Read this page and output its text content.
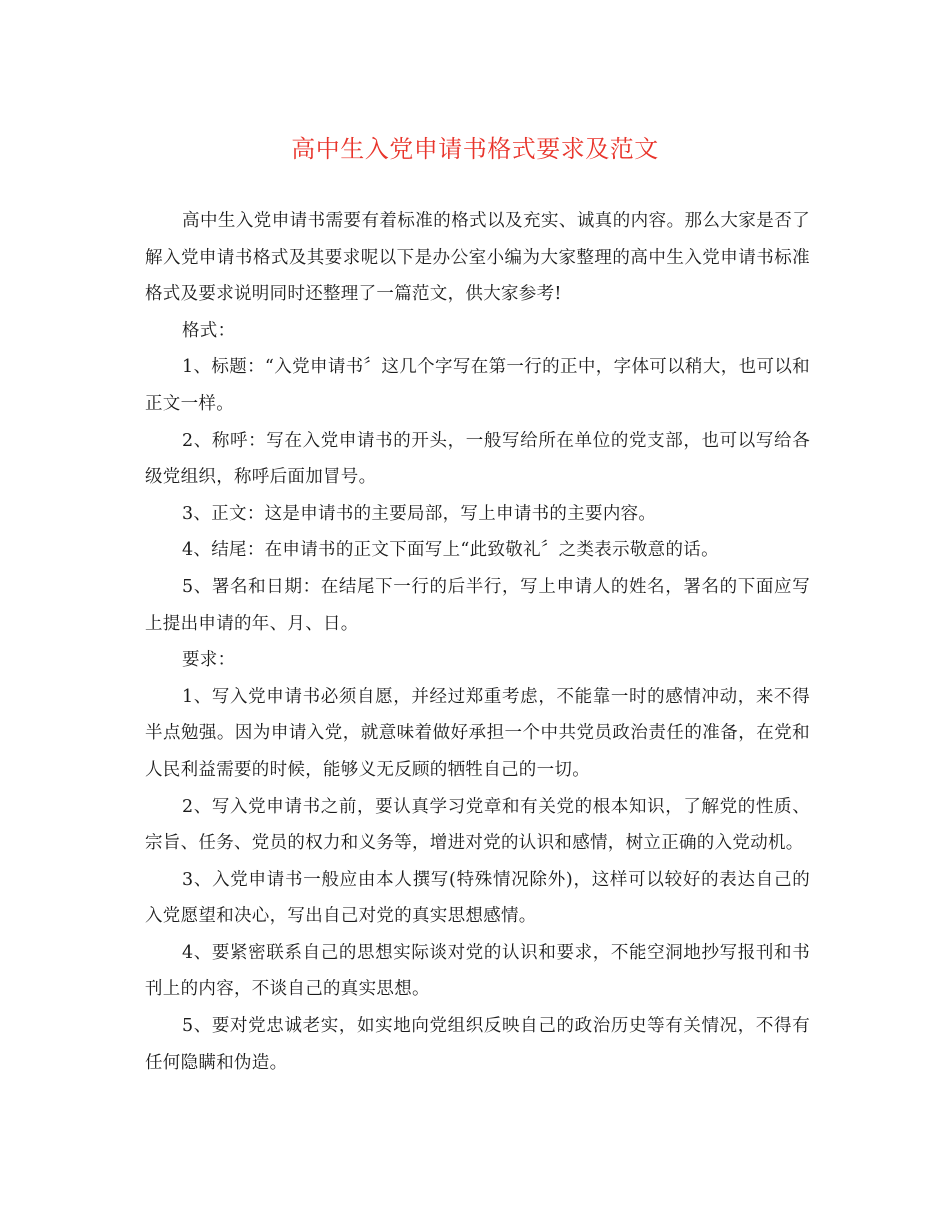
高中生入党申请书格式要求及范文

高中生入党申请书需要有着标准的格式以及充实、诚真的内容。那么大家是否了解入党申请书格式及其要求呢以下是办公室小编为大家整理的高中生入党申请书标准格式及要求说明同时还整理了一篇范文，供大家参考!

格式：

1、标题：“入党申请书〞这几个字写在第一行的正中，字体可以稍大，也可以和正文一样。

2、称呼：写在入党申请书的开头，一般写给所在单位的党支部，也可以写给各级党组织，称呼后面加冒号。

3、正文：这是申请书的主要局部，写上申请书的主要内容。

4、结尾：在申请书的正文下面写上“此致敬礼〞之类表示敬意的话。

5、署名和日期：在结尾下一行的后半行，写上申请人的姓名，署名的下面应写上提出申请的年、月、日。

要求：

1、写入党申请书必须自愿，并经过郑重考虑，不能靠一时的感情冲动，来不得半点勉强。因为申请入党，就意味着做好承担一个中共党员政治责任的准备，在党和人民利益需要的时候，能够义无反顾的牺牲自己的一切。

2、写入党申请书之前，要认真学习党章和有关党的根本知识，了解党的性质、宗旨、任务、党员的权力和义务等，增进对党的认识和感情，树立正确的入党动机。

3、入党申请书一般应由本人撰写(特殊情况除外)，这样可以较好的表达自己的入党愿望和决心，写出自己对党的真实思想感情。

4、要紧密联系自己的思想实际谈对党的认识和要求，不能空洞地抄写报刊和书刊上的内容，不谈自己的真实思想。

5、要对党忠诚老实，如实地向党组织反映自己的政治历史等有关情况，不得有任何隐瞒和伪造。
